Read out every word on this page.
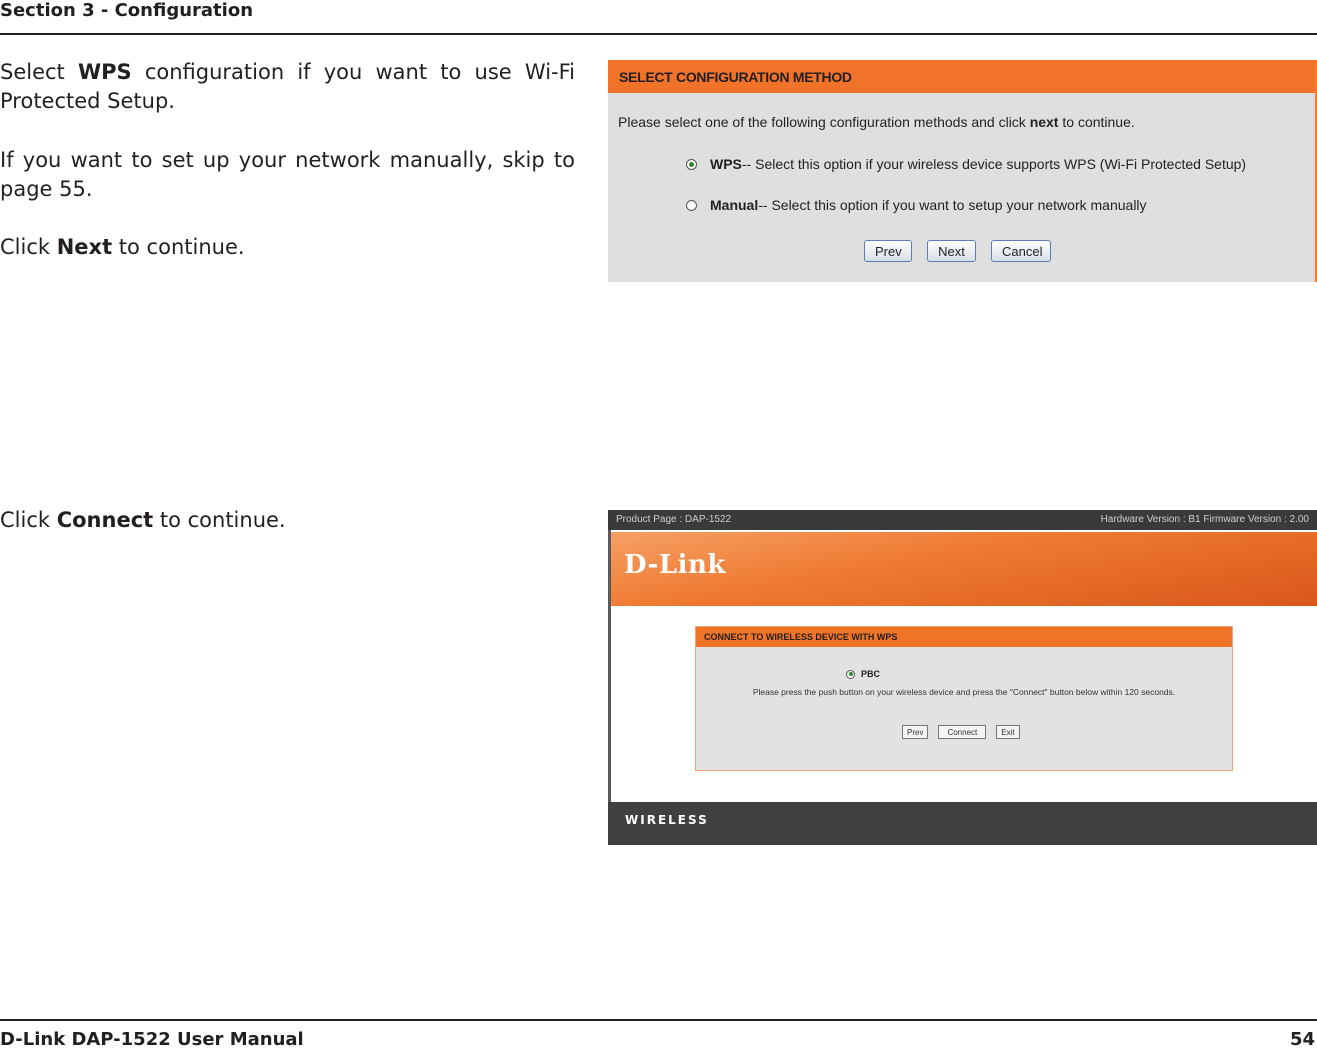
Section 3 - Configuration

Select WPS configuration if you want to use Wi-Fi Protected Setup.

If you want to set up your network manually, skip to page 55.

Click Next to continue.

Click Connect to continue.

SELECT CONFIGURATION METHOD
Please select one of the following configuration methods and click next to continue.
WPS -- Select this option if your wireless device supports WPS (Wi-Fi Protected Setup)
Manual -- Select this option if you want to setup your network manually
Prev	Next	Cancel
Product Page : DAP-1522	Hardware Version : B1 Firmware Version : 2.00
D-Link
CONNECT TO WIRELESS DEVICE WITH WPS
PBC
Please press the push button on your wireless device and press the "Connect" button below within 120 seconds.
Prev	Connect	Exit
WIRELESS
D-Link DAP-1522 User Manual	54
